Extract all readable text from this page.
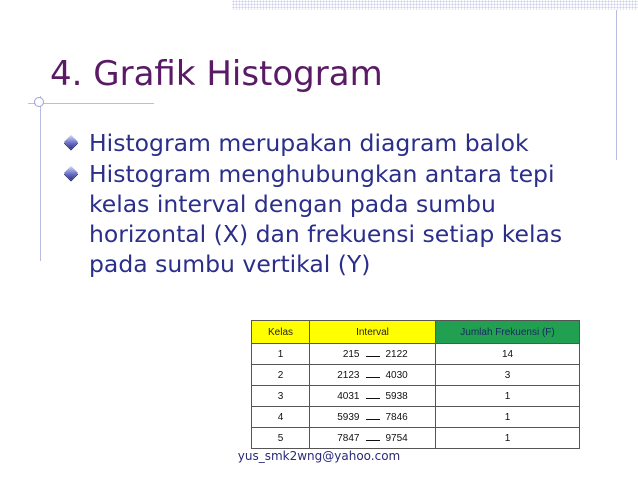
4. Grafik Histogram
Histogram merupakan diagram balok
Histogram menghubungkan antara tepi kelas interval dengan pada sumbu horizontal (X) dan frekuensi setiap kelas pada sumbu vertikal (Y)
Kelas	Interval	Jumlah Frekuensi (F)
1	215 2122	14
2	2123 4030	3
3	4031 5938	1
4	5939 7846	1
5	7847 9754	1

yus_smk2wng@yahoo.com
